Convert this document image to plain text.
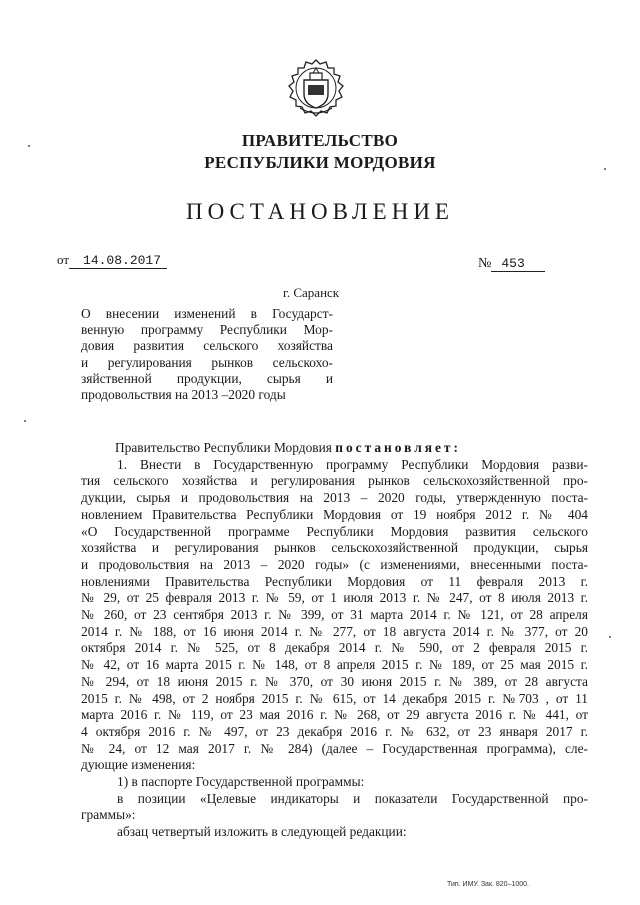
ПРАВИТЕЛЬСТВО
РЕСПУБЛИКИ МОРДОВИЯ
ПОСТАНОВЛЕНИЕ
от 14.08.2017	№ 453
г. Саранск
О внесении изменений в Государст-
венную программу Республики Мор-
довия развития сельского хозяйства
и регулирования рынков сельскохо-
зяйственной продукции, сырья и
продовольствия на 2013 –2020 годы
Правительство Республики Мордовия постановляет:
1. Внести в Государственную программу Республики Мордовия разви-
тия сельского хозяйства и регулирования рынков сельскохозяйственной про-
дукции, сырья и продовольствия на 2013 – 2020 годы, утвержденную поста-
новлением Правительства Республики Мордовия от 19 ноября 2012 г. № 404
«О Государственной программе Республики Мордовия развития сельского
хозяйства и регулирования рынков сельскохозяйственной продукции, сырья
и продовольствия на 2013 – 2020 годы» (с изменениями, внесенными поста-
новлениями Правительства Республики Мордовия от 11 февраля 2013 г.
№ 29, от 25 февраля 2013 г. № 59, от 1 июля 2013 г. № 247, от 8 июля 2013 г.
№ 260, от 23 сентября 2013 г. № 399, от 31 марта 2014 г. № 121, от 28 апреля
2014 г. № 188, от 16 июня 2014 г. № 277, от 18 августа 2014 г. № 377, от 20
октября 2014 г. № 525, от 8 декабря 2014 г. № 590, от 2 февраля 2015 г.
№ 42, от 16 марта 2015 г. № 148, от 8 апреля 2015 г. № 189, от 25 мая 2015 г.
№ 294, от 18 июня 2015 г. № 370, от 30 июня 2015 г. № 389, от 28 августа
2015 г. № 498, от 2 ноября 2015 г. № 615, от 14 декабря 2015 г. №703 , от 11
марта 2016 г. № 119, от 23 мая 2016 г. № 268, от 29 августа 2016 г. № 441, от
4 октября 2016 г. № 497, от 23 декабря 2016 г. № 632, от 23 января 2017 г.
№ 24, от 12 мая 2017 г. № 284) (далее – Государственная программа), сле-
дующие изменения:
1) в паспорте Государственной программы:
в позиции «Целевые индикаторы и показатели Государственной про-
граммы»:
абзац четвертый изложить в следующей редакции:
Тип. ИМУ. Зак. 820–1000.
